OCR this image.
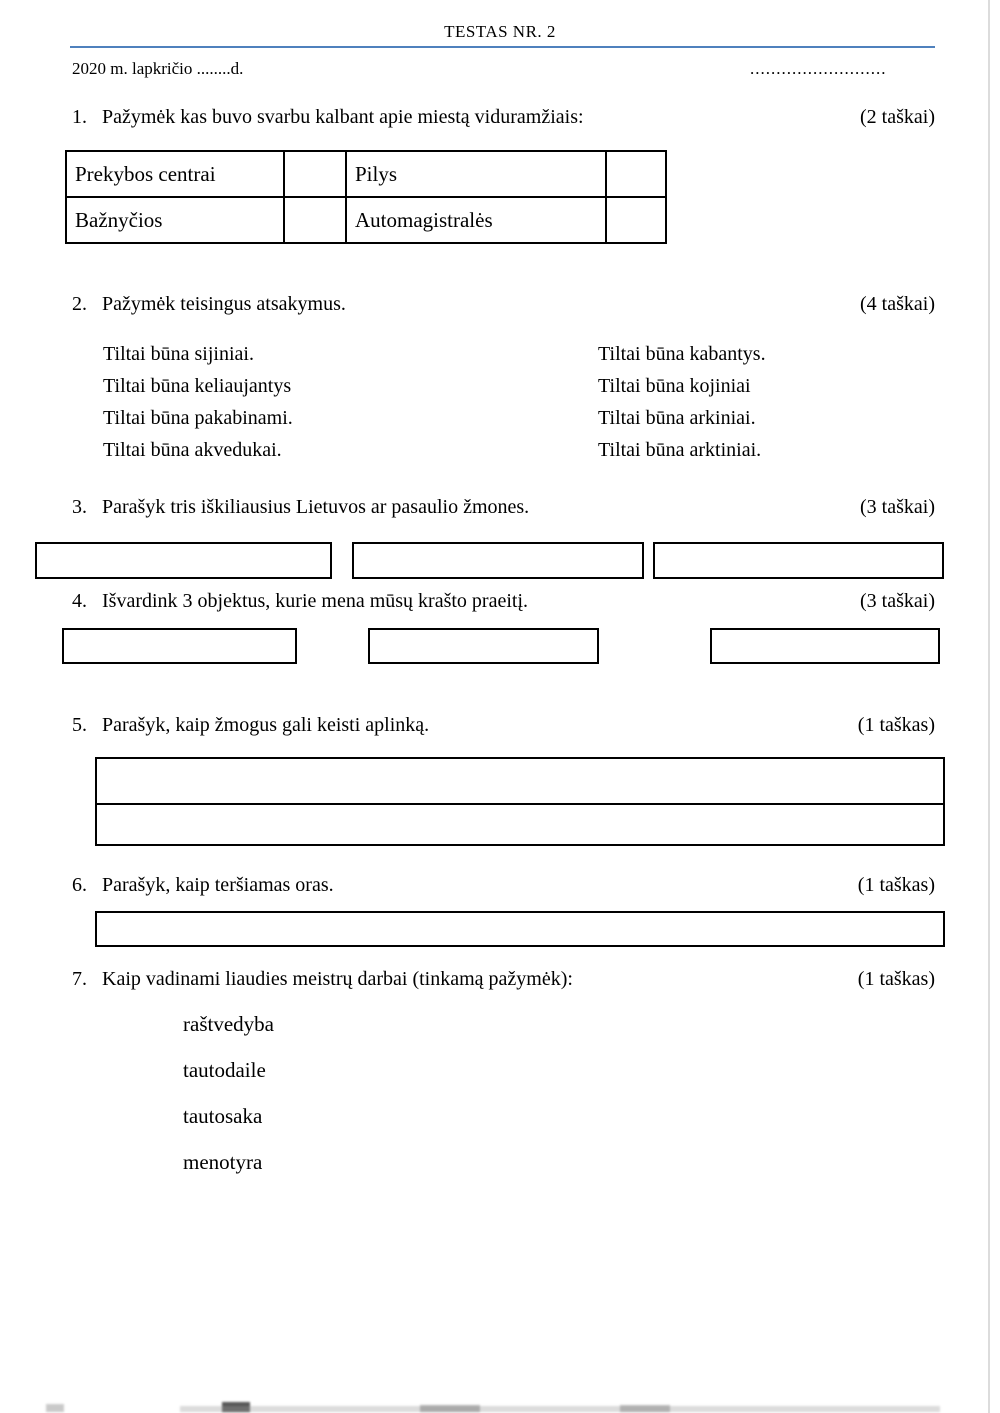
TESTAS NR. 2
2020 m. lapkričio ........d.	..........................
1. Pažymėk kas buvo svarbu kalbant apie miestą viduramžiais:	(2 taškai)
Prekybos centrai		Pilys	
Bažnyčios		Automagistralės	
2. Pažymėk teisingus atsakymus.	(4 taškai)
Tiltai būna sijiniai.
Tiltai būna keliaujantys
Tiltai būna pakabinami.
Tiltai būna akvedukai.
Tiltai būna kabantys.
Tiltai būna kojiniai
Tiltai būna arkiniai.
Tiltai būna arktiniai.
3. Parašyk tris iškiliausius Lietuvos ar pasaulio žmones.	(3 taškai)
4. Išvardink 3 objektus, kurie mena mūsų krašto praeitį.	(3 taškai)
5. Parašyk, kaip žmogus gali keisti aplinką.	(1 taškas)
6. Parašyk, kaip teršiamas oras.	(1 taškas)
7. Kaip vadinami liaudies meistrų darbai (tinkamą pažymėk):	(1 taškas)
raštvedyba
tautodaile
tautosaka
menotyra
